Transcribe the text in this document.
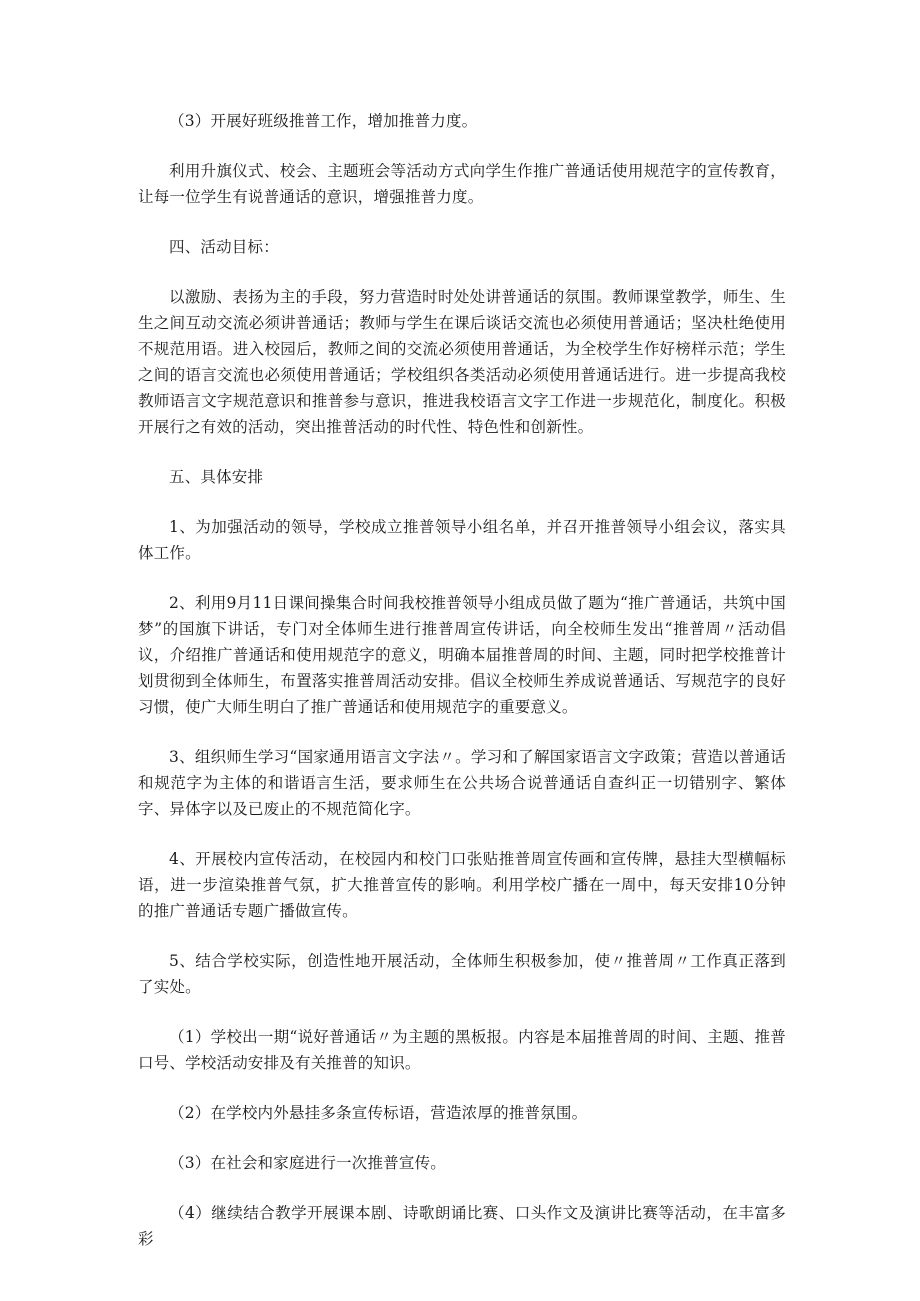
（3）开展好班级推普工作，增加推普力度。

利用升旗仪式、校会、主题班会等活动方式向学生作推广普通话使用规范字的宣传教育，让每一位学生有说普通话的意识，增强推普力度。

四、活动目标：

以激励、表扬为主的手段，努力营造时时处处讲普通话的氛围。教师课堂教学，师生、生生之间互动交流必须讲普通话；教师与学生在课后谈话交流也必须使用普通话；坚决杜绝使用不规范用语。进入校园后，教师之间的交流必须使用普通话，为全校学生作好榜样示范；学生之间的语言交流也必须使用普通话；学校组织各类活动必须使用普通话进行。进一步提高我校教师语言文字规范意识和推普参与意识，推进我校语言文字工作进一步规范化，制度化。积极开展行之有效的活动，突出推普活动的时代性、特色性和创新性。

五、具体安排

1、为加强活动的领导，学校成立推普领导小组名单，并召开推普领导小组会议，落实具体工作。

2、利用9月11日课间操集合时间我校推普领导小组成员做了题为“推广普通话，共筑中国梦”的国旗下讲话，专门对全体师生进行推普周宣传讲话，向全校师生发出“推普周〃活动倡议，介绍推广普通话和使用规范字的意义，明确本届推普周的时间、主题，同时把学校推普计划贯彻到全体师生，布置落实推普周活动安排。倡议全校师生养成说普通话、写规范字的良好习惯，使广大师生明白了推广普通话和使用规范字的重要意义。

3、组织师生学习“国家通用语言文字法〃。学习和了解国家语言文字政策；营造以普通话和规范字为主体的和谐语言生活，要求师生在公共场合说普通话自查纠正一切错别字、繁体字、异体字以及已废止的不规范简化字。

4、开展校内宣传活动，在校园内和校门口张贴推普周宣传画和宣传牌，悬挂大型横幅标语，进一步渲染推普气氛，扩大推普宣传的影响。利用学校广播在一周中，每天安排10分钟的推广普通话专题广播做宣传。

5、结合学校实际，创造性地开展活动，全体师生积极参加，使〃推普周〃工作真正落到了实处。

（1）学校出一期“说好普通话〃为主题的黑板报。内容是本届推普周的时间、主题、推普口号、学校活动安排及有关推普的知识。

（2）在学校内外悬挂多条宣传标语，营造浓厚的推普氛围。

（3）在社会和家庭进行一次推普宣传。

（4）继续结合教学开展课本剧、诗歌朗诵比赛、口头作文及演讲比赛等活动，在丰富多彩
